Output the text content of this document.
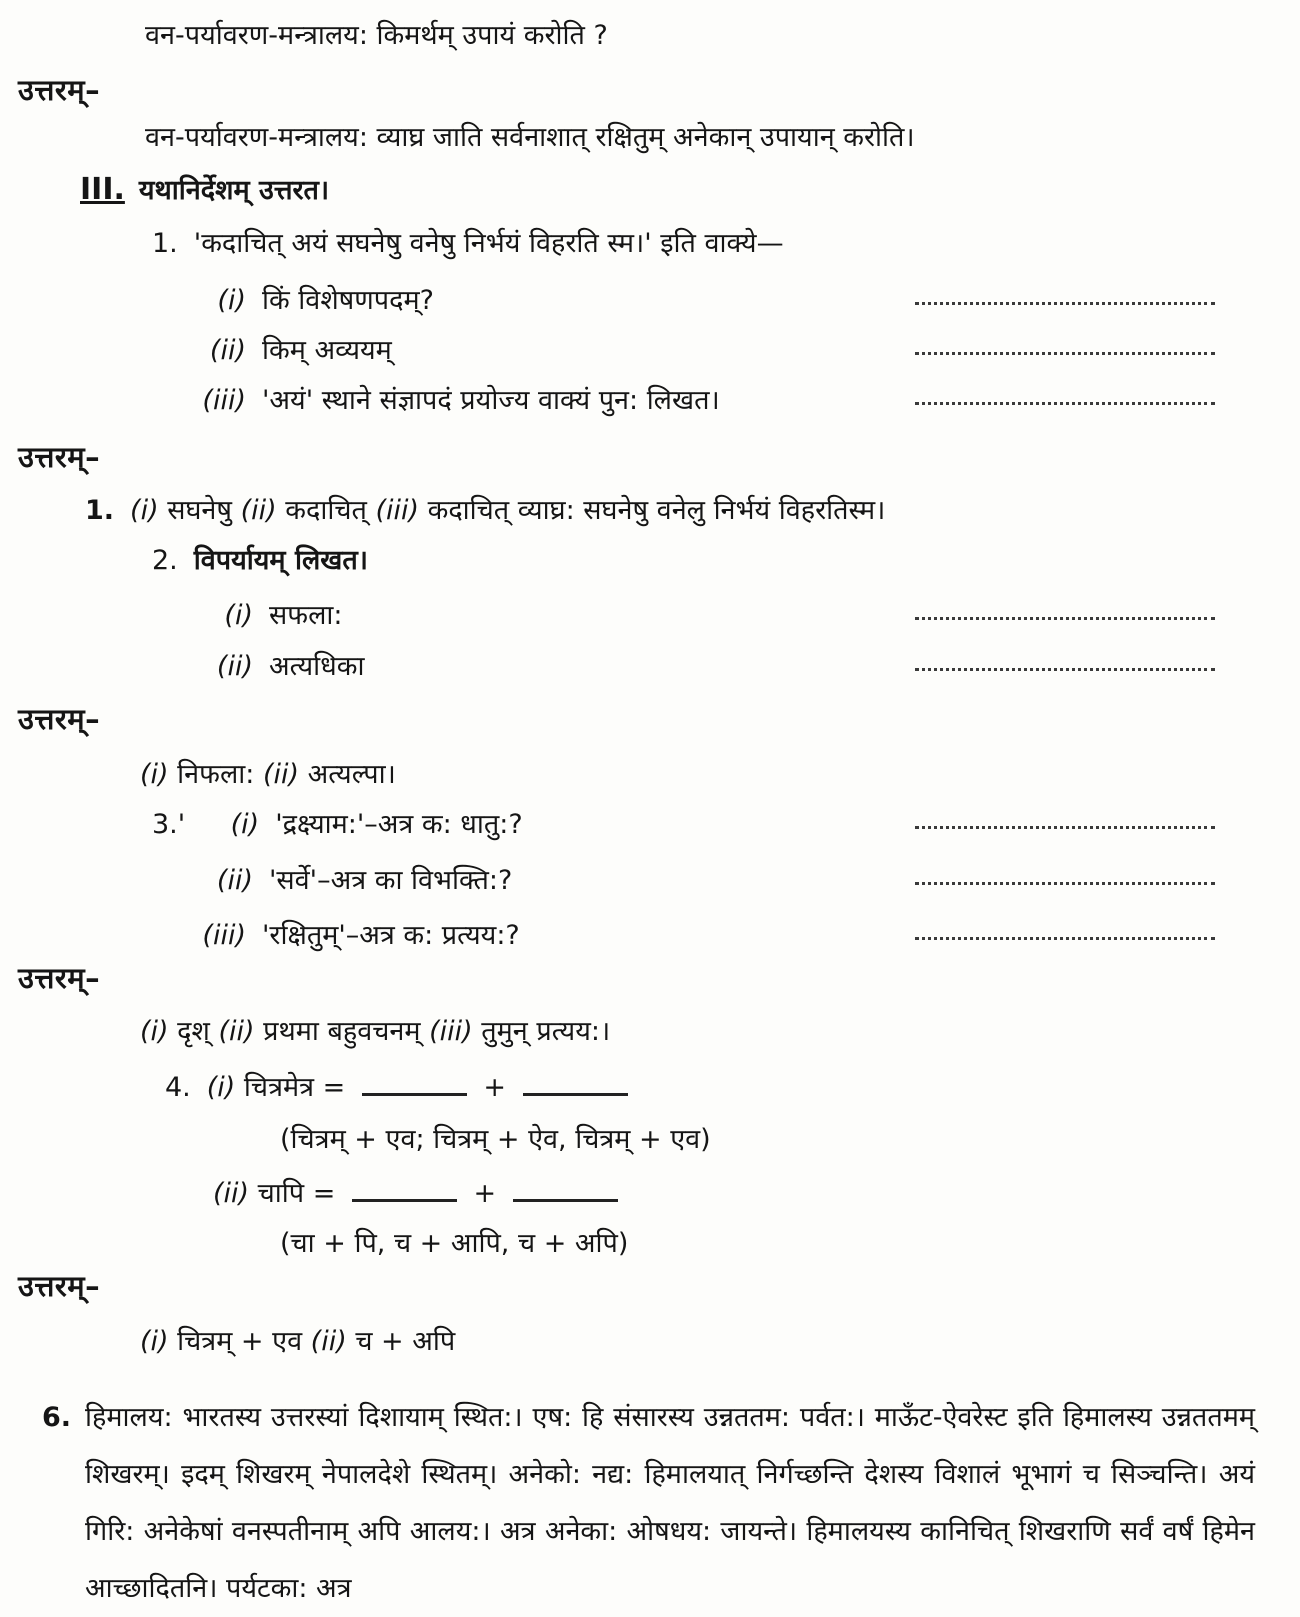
वन-पर्यावरण-मन्त्रालय: किमर्थम् उपायं करोति ?
उत्तरम्–
वन-पर्यावरण-मन्त्रालय: व्याघ्र जाति सर्वनाशात् रक्षितुम् अनेकान् उपायान् करोति।
III. यथानिर्देशम् उत्तरत।
1. 'कदाचित् अयं सघनेषु वनेषु निर्भयं विहरति स्म।' इति वाक्ये—
(i) किं विशेषणपदम्?
(ii) किम् अव्ययम्
(iii) 'अयं' स्थाने संज्ञापदं प्रयोज्य वाक्यं पुन: लिखत।
उत्तरम्–
1. (i) सघनेषु (ii) कदाचित् (iii) कदाचित् व्याघ्र: सघनेषु वनेलु निर्भयं विहरतिस्म।
2. विपर्यायम् लिखत।
(i) सफला:
(ii) अत्यधिका
उत्तरम्–
(i) निफला: (ii) अत्यल्पा।
3.'	(i) 'द्रक्ष्याम:'–अत्र क: धातु:?
(ii) 'सर्वे'–अत्र का विभक्ति:?
(iii) 'रक्षितुम्'–अत्र क: प्रत्यय:?
उत्तरम्–
(i) दृश् (ii) प्रथमा बहुवचनम् (iii) तुमुन् प्रत्यय:।
4. (i) चित्रमेत्र =	+
(चित्रम् + एव; चित्रम् + ऐव, चित्रम् + एव)
(ii) चापि =	+
(चा + पि, च + आपि, च + अपि)
उत्तरम्–
(i) चित्रम् + एव (ii) च + अपि
6. हिमालय: भारतस्य उत्तरस्यां दिशायाम् स्थित:। एष: हि संसारस्य उन्नततम: पर्वत:। माऊँट-ऐवरेस्ट इति हिमालस्य उन्नततमम् शिखरम्। इदम् शिखरम् नेपालदेशे स्थितम्। अनेको: नद्य: हिमालयात् निर्गच्छन्ति देशस्य विशालं भूभागं च सिञ्चन्ति। अयं गिरि: अनेकेषां वनस्पतीनाम् अपि आलय:। अत्र अनेका: ओषधय: जायन्ते। हिमालयस्य कानिचित् शिखराणि सर्वं वर्षं हिमेन आच्छादितनि। पर्यटका: अत्र
